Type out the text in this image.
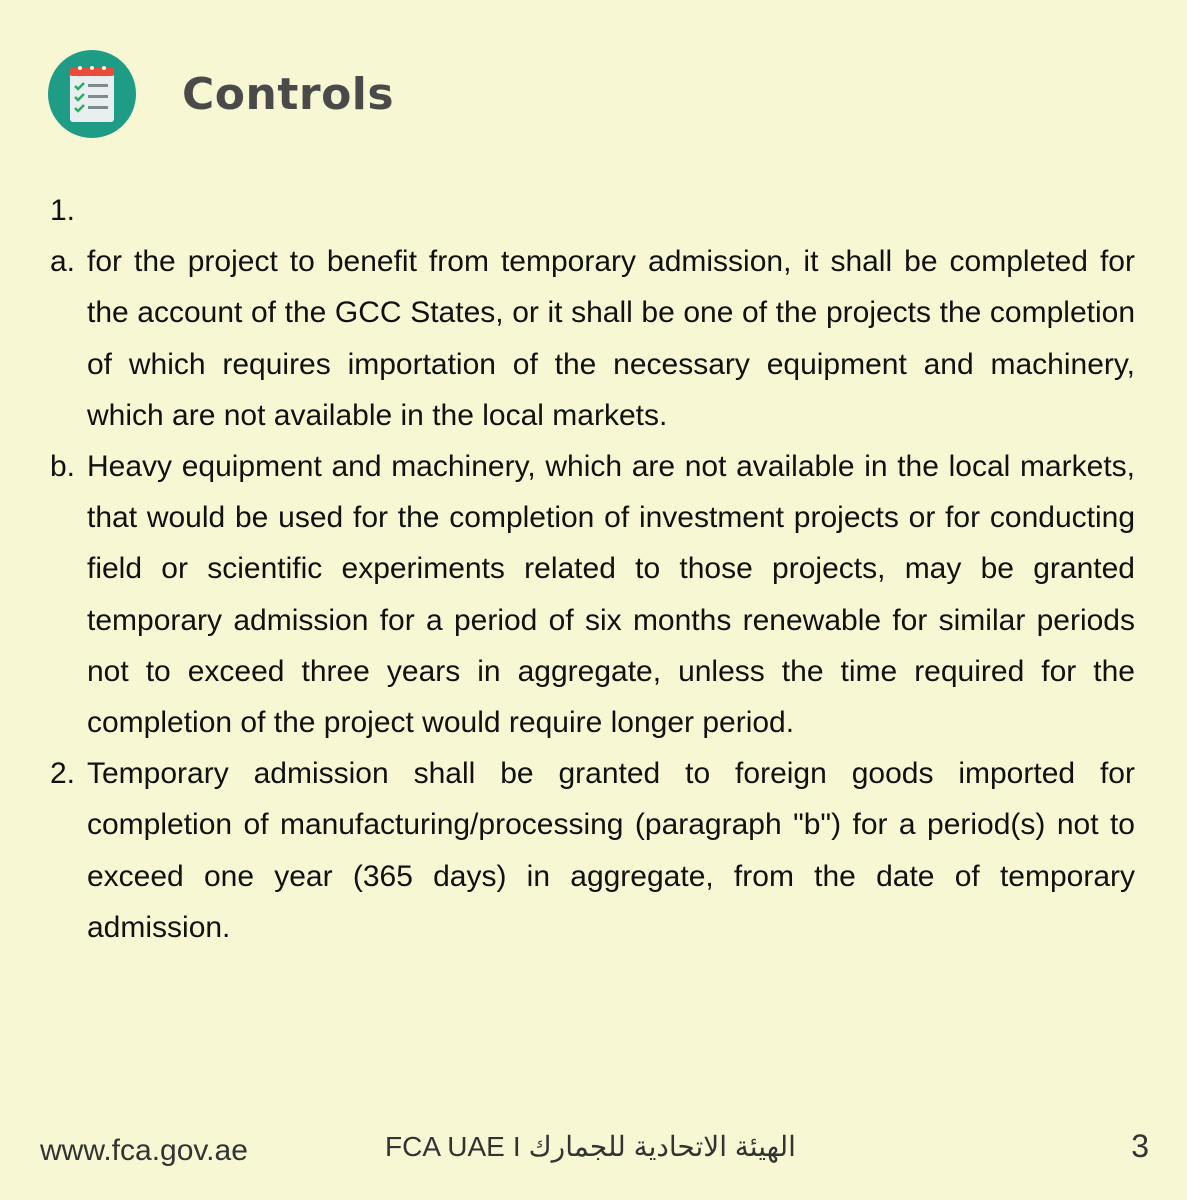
Controls
1.
a. for the project to benefit from temporary admission, it shall be completed for the account of the GCC States, or it shall be one of the projects the completion of which requires importation of the necessary equipment and machinery, which are not available in the local markets.
b. Heavy equipment and machinery, which are not available in the local markets, that would be used for the completion of investment projects or for conducting field or scientific experiments related to those projects, may be granted temporary admission for a period of six months renewable for similar periods not to exceed three years in aggregate, unless the time required for the completion of the project would require longer period.
2. Temporary admission shall be granted to foreign goods imported for completion of manufacturing/processing (paragraph "b") for a period(s) not to exceed one year (365 days) in aggregate, from the date of temporary admission.
www.fca.gov.ae	FCA UAE I الهيئة الاتحادية للجمارك	3
